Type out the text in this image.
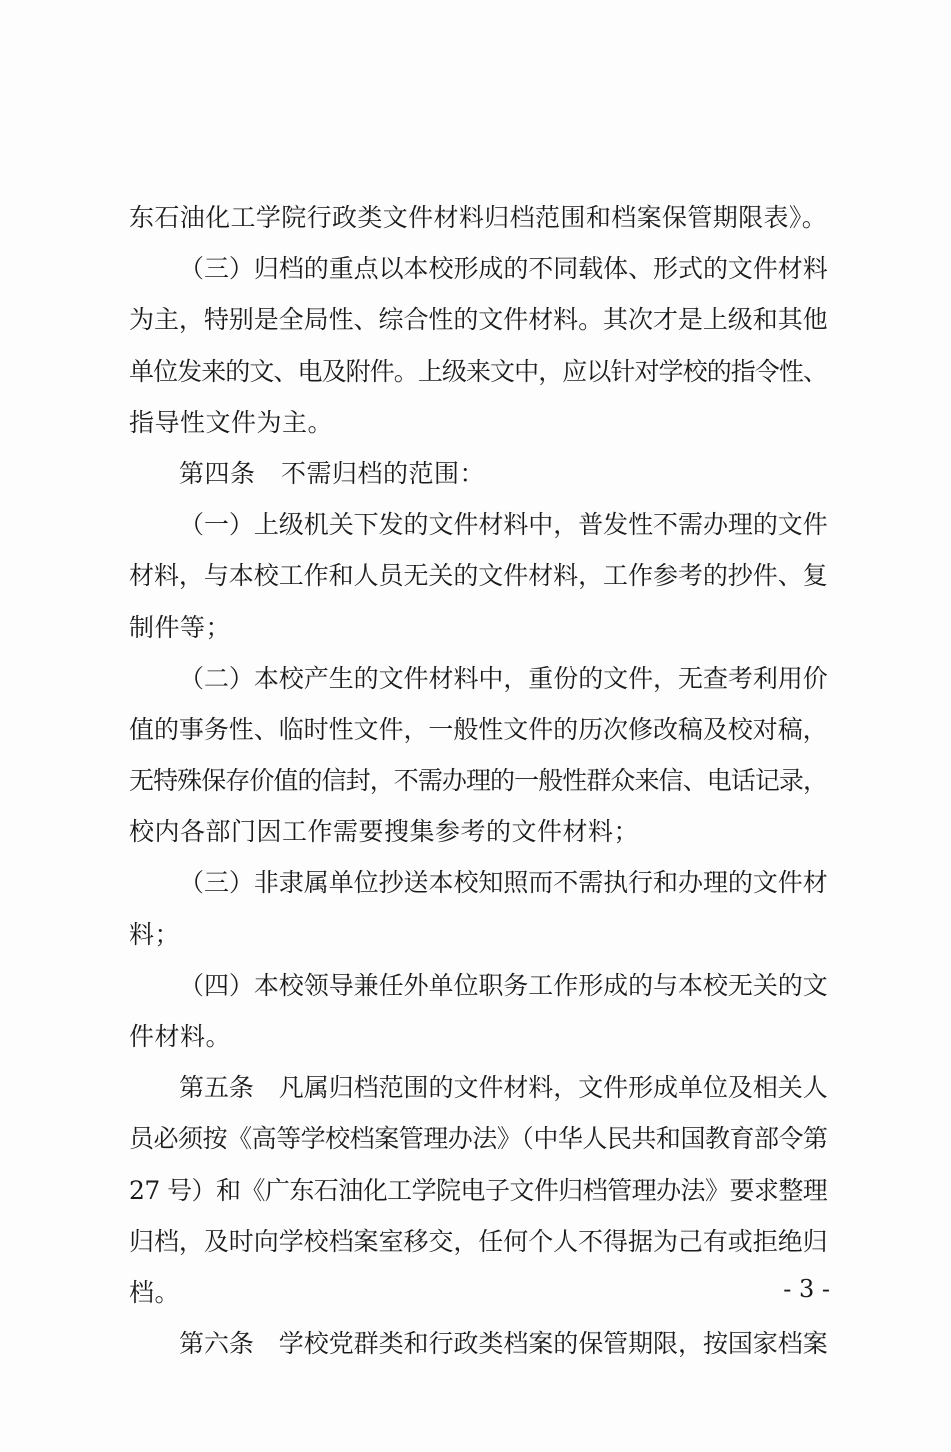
东石油化工学院行政类文件材料归档范围和档案保管期限表》。
（三）归档的重点以本校形成的不同载体、形式的文件材料
为主，特别是全局性、综合性的文件材料。其次才是上级和其他
单位发来的文、电及附件。上级来文中，应以针对学校的指令性、
指导性文件为主。
第四条　不需归档的范围：
（一）上级机关下发的文件材料中，普发性不需办理的文件
材料，与本校工作和人员无关的文件材料，工作参考的抄件、复
制件等；
（二）本校产生的文件材料中，重份的文件，无查考利用价
值的事务性、临时性文件，一般性文件的历次修改稿及校对稿，
无特殊保存价值的信封，不需办理的一般性群众来信、电话记录，
校内各部门因工作需要搜集参考的文件材料；
（三）非隶属单位抄送本校知照而不需执行和办理的文件材
料；
（四）本校领导兼任外单位职务工作形成的与本校无关的文
件材料。
第五条　凡属归档范围的文件材料，文件形成单位及相关人
员必须按《高等学校档案管理办法》（中华人民共和国教育部令第
27 号）和《广东石油化工学院电子文件归档管理办法》要求整理
归档，及时向学校档案室移交，任何个人不得据为己有或拒绝归
档。
第六条　学校党群类和行政类档案的保管期限，按国家档案
- 3 -
